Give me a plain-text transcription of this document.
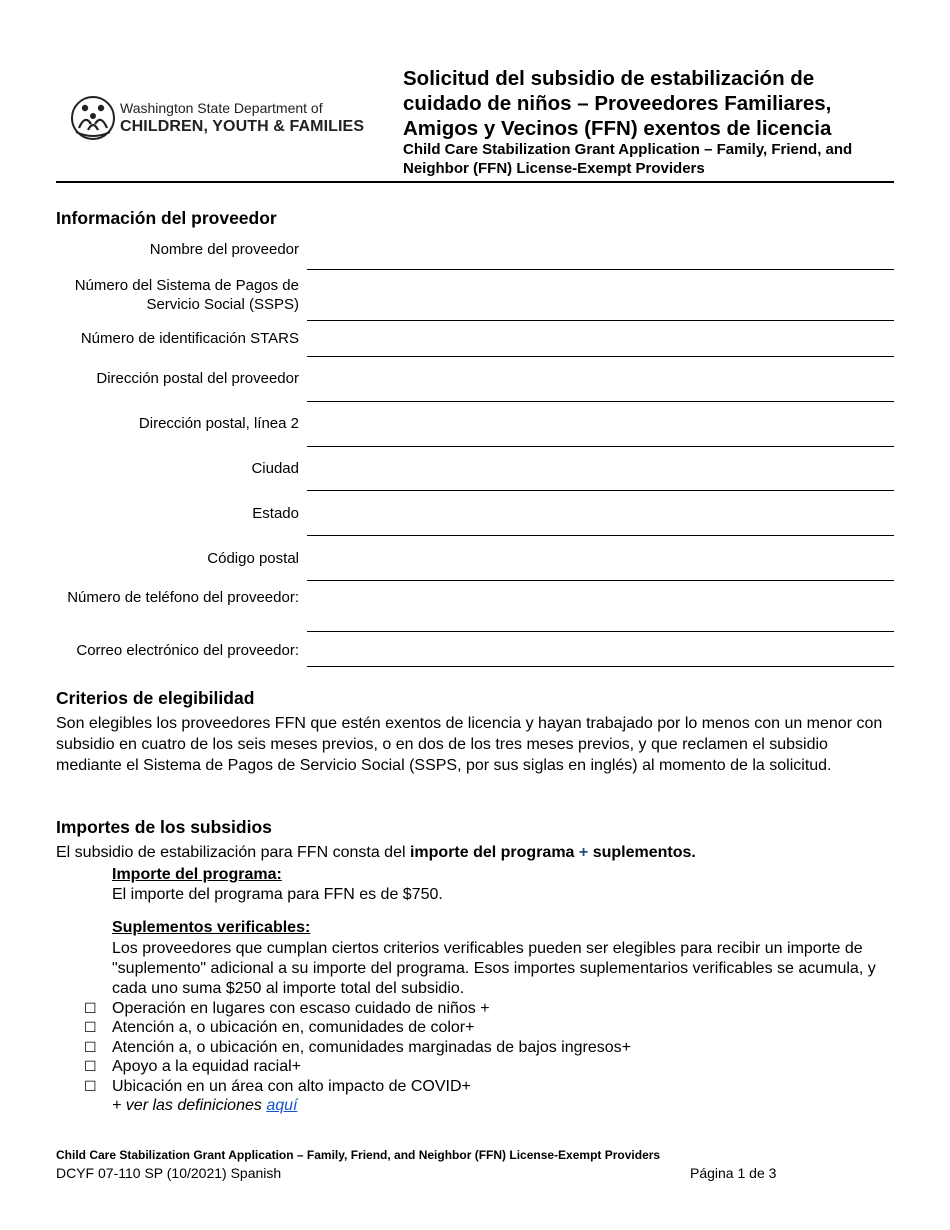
Washington State Department of
CHILDREN, YOUTH & FAMILIES
Solicitud del subsidio de estabilización de cuidado de niños – Proveedores Familiares, Amigos y Vecinos (FFN) exentos de licencia
Child Care Stabilization Grant Application – Family, Friend, and Neighbor (FFN) License-Exempt Providers
Información del proveedor
Nombre del proveedor
Número del Sistema de Pagos de Servicio Social (SSPS)
Número de identificación STARS
Dirección postal del proveedor
Dirección postal, línea 2
Ciudad
Estado
Código postal
Número de teléfono del proveedor:
Correo electrónico del proveedor:
Criterios de elegibilidad
Son elegibles los proveedores FFN que estén exentos de licencia y hayan trabajado por lo menos con un menor con subsidio en cuatro de los seis meses previos, o en dos de los tres meses previos, y que reclamen el subsidio mediante el Sistema de Pagos de Servicio Social (SSPS, por sus siglas en inglés) al momento de la solicitud.
Importes de los subsidios
El subsidio de estabilización para FFN consta del importe del programa + suplementos.
Importe del programa:
El importe del programa para FFN es de $750.
Suplementos verificables:
Los proveedores que cumplan ciertos criterios verificables pueden ser elegibles para recibir un importe de "suplemento" adicional a su importe del programa. Esos importes suplementarios verificables se acumula, y cada uno suma $250 al importe total del subsidio.
☐ Operación en lugares con escaso cuidado de niños +
☐ Atención a, o ubicación en, comunidades de color+
☐ Atención a, o ubicación en, comunidades marginadas de bajos ingresos+
☐ Apoyo a la equidad racial+
☐ Ubicación en un área con alto impacto de COVID+
+ ver las definiciones aquí
Child Care Stabilization Grant Application – Family, Friend, and Neighbor (FFN) License-Exempt Providers
DCYF 07-110 SP (10/2021) Spanish	Página 1 de 3
